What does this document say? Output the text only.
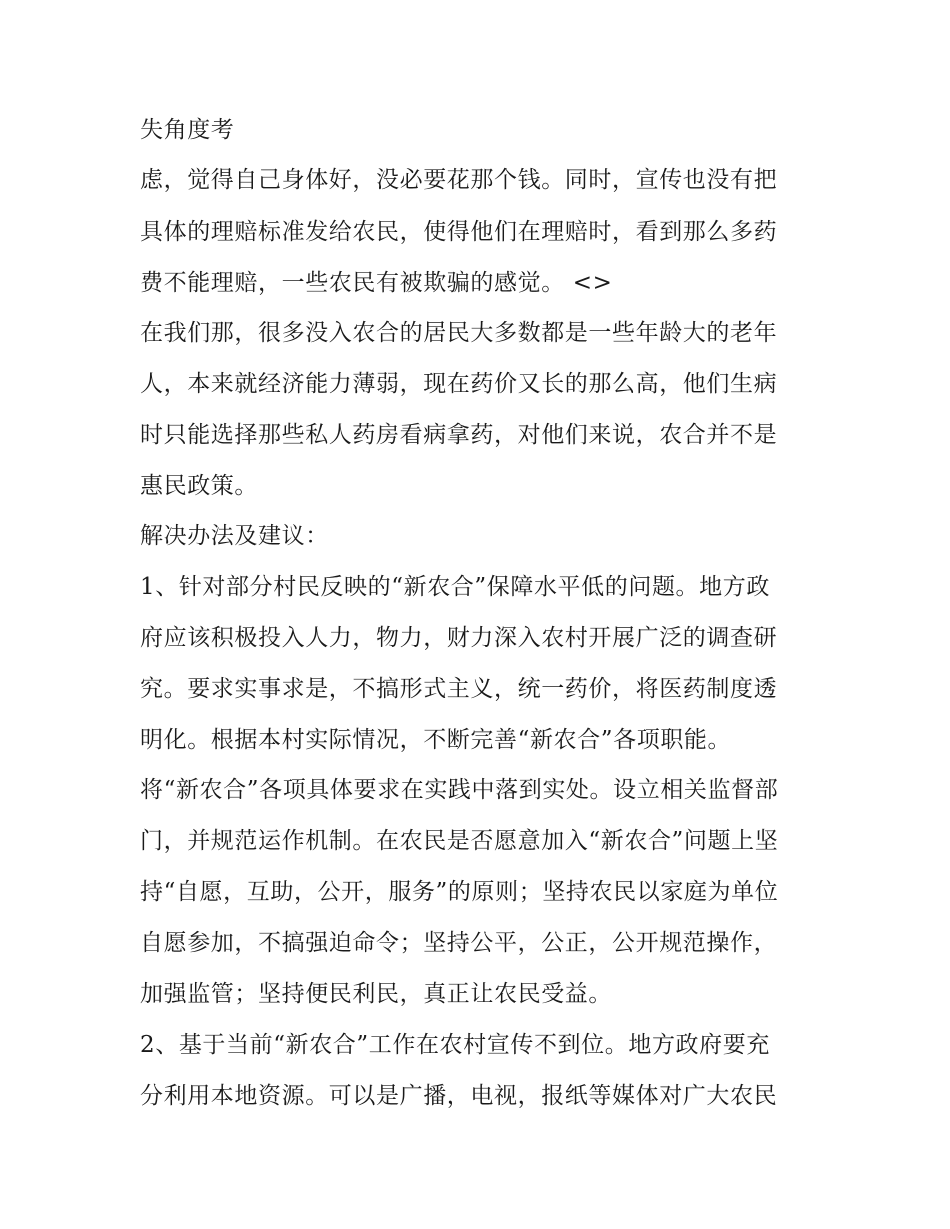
失角度考
虑，觉得自己身体好，没必要花那个钱。同时，宣传也没有把
具体的理赔标准发给农民，使得他们在理赔时，看到那么多药
费不能理赔，一些农民有被欺骗的感觉。 <>
在我们那，很多没入农合的居民大多数都是一些年龄大的老年
人，本来就经济能力薄弱，现在药价又长的那么高，他们生病
时只能选择那些私人药房看病拿药，对他们来说，农合并不是
惠民政策。
解决办法及建议：
1、针对部分村民反映的“新农合”保障水平低的问题。地方政
府应该积极投入人力，物力，财力深入农村开展广泛的调查研
究。要求实事求是，不搞形式主义，统一药价，将医药制度透
明化。根据本村实际情况，不断完善“新农合”各项职能。
将“新农合”各项具体要求在实践中落到实处。设立相关监督部
门，并规范运作机制。在农民是否愿意加入“新农合”问题上坚
持“自愿，互助，公开，服务”的原则；坚持农民以家庭为单位
自愿参加，不搞强迫命令；坚持公平，公正，公开规范操作，
加强监管；坚持便民利民，真正让农民受益。
2、基于当前“新农合”工作在农村宣传不到位。地方政府要充
分利用本地资源。可以是广播，电视，报纸等媒体对广大农民
